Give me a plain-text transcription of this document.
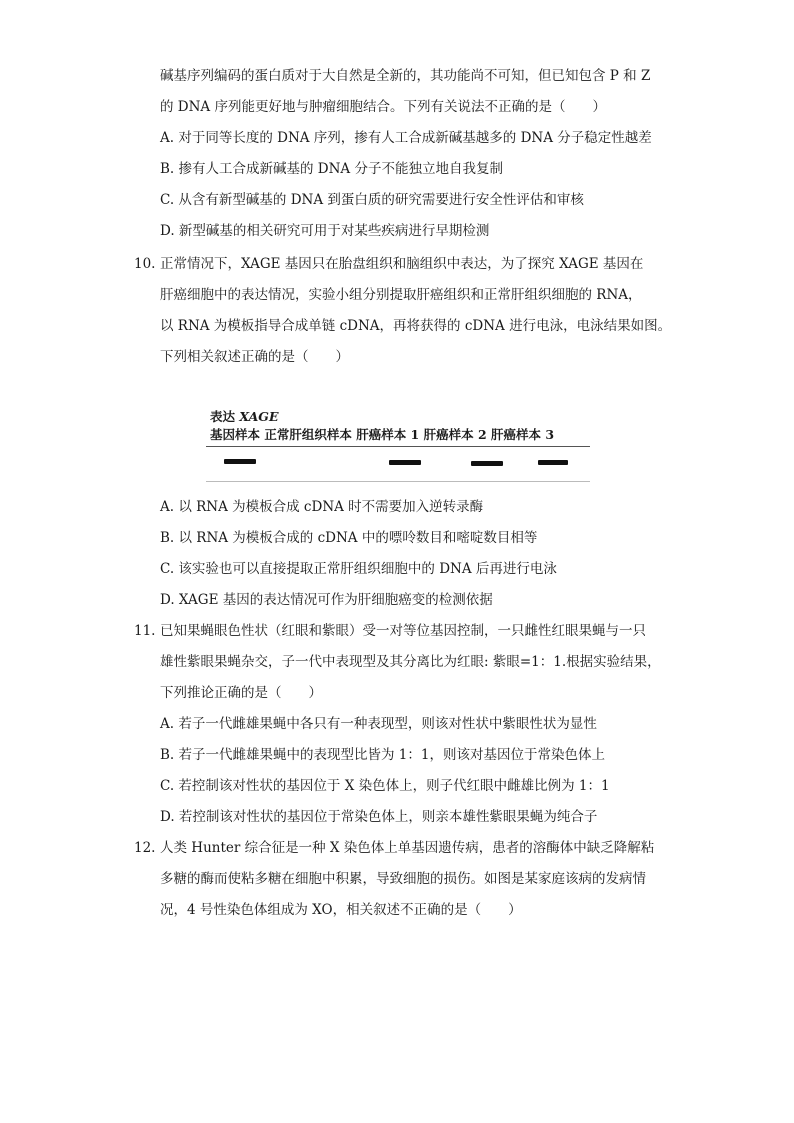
碱基序列编码的蛋白质对于大自然是全新的，其功能尚不可知，但已知包含 P 和 Z
的 DNA 序列能更好地与肿瘤细胞结合。下列有关说法不正确的是（　　）
A. 对于同等长度的 DNA 序列，掺有人工合成新碱基越多的 DNA 分子稳定性越差
B. 掺有人工合成新碱基的 DNA 分子不能独立地自我复制
C. 从含有新型碱基的 DNA 到蛋白质的研究需要进行安全性评估和审核
D. 新型碱基的相关研究可用于对某些疾病进行早期检测
10. 正常情况下，XAGE 基因只在胎盘组织和脑组织中表达，为了探究 XAGE 基因在
肝癌细胞中的表达情况，实验小组分别提取肝癌组织和正常肝组织细胞的 RNA，
以 RNA 为模板指导合成单链 cDNA，再将获得的 cDNA 进行电泳，电泳结果如图。
下列相关叙述正确的是（　　）
表达 XAGE
基因样本 正常肝组织样本 肝癌样本 1 肝癌样本 2 肝癌样本 3
A. 以 RNA 为模板合成 cDNA 时不需要加入逆转录酶
B. 以 RNA 为模板合成的 cDNA 中的嘌呤数目和嘧啶数目相等
C. 该实验也可以直接提取正常肝组织细胞中的 DNA 后再进行电泳
D. XAGE 基因的表达情况可作为肝细胞癌变的检测依据
11. 已知果蝇眼色性状（红眼和紫眼）受一对等位基因控制，一只雌性红眼果蝇与一只
雄性紫眼果蝇杂交，子一代中表现型及其分离比为红眼: 紫眼=1：1.根据实验结果，
下列推论正确的是（　　）
A. 若子一代雌雄果蝇中各只有一种表现型，则该对性状中紫眼性状为显性
B. 若子一代雌雄果蝇中的表现型比皆为 1：1，则该对基因位于常染色体上
C. 若控制该对性状的基因位于 X 染色体上，则子代红眼中雌雄比例为 1：1
D. 若控制该对性状的基因位于常染色体上，则亲本雄性紫眼果蝇为纯合子
12. 人类 Hunter 综合征是一种 X 染色体上单基因遗传病，患者的溶酶体中缺乏降解粘
多糖的酶而使粘多糖在细胞中积累，导致细胞的损伤。如图是某家庭该病的发病情
况，4 号性染色体组成为 XO，相关叙述不正确的是（　　）
